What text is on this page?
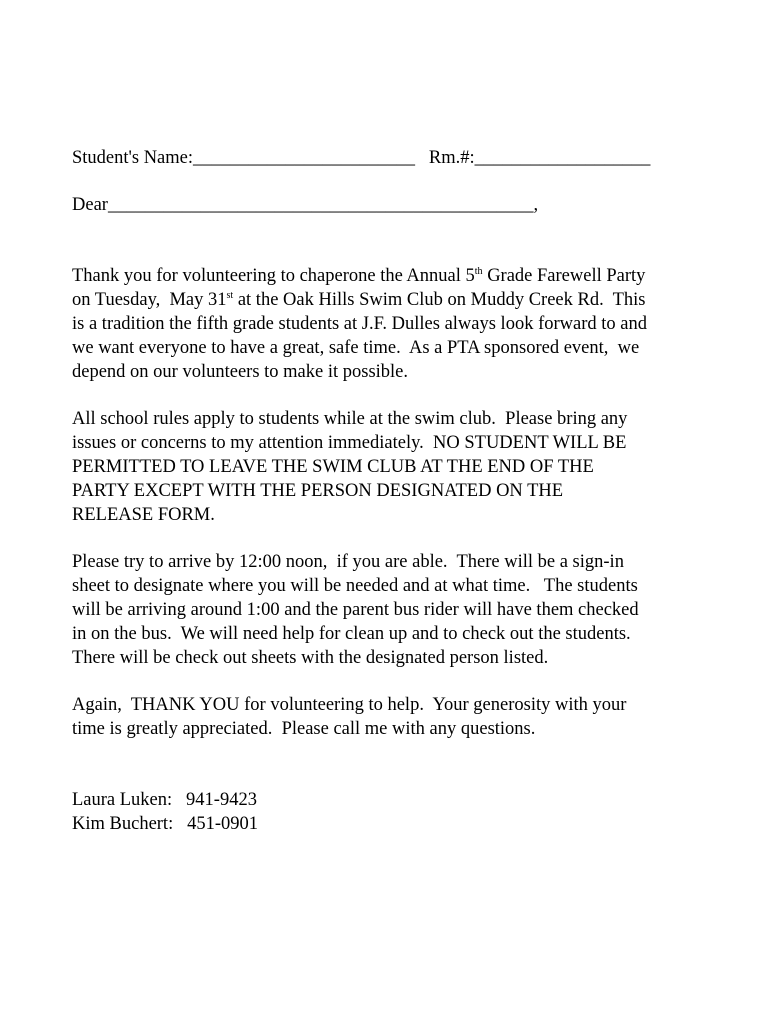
Student's Name:________________________ Rm.#:___________________
Dear______________________________________________,
Thank you for volunteering to chaperone the Annual 5th Grade Farewell Party
on Tuesday,  May 31st at the Oak Hills Swim Club on Muddy Creek Rd.  This
is a tradition the fifth grade students at J.F. Dulles always look forward to and
we want everyone to have a great, safe time.  As a PTA sponsored event,  we
depend on our volunteers to make it possible.
All school rules apply to students while at the swim club.  Please bring any
issues or concerns to my attention immediately.  NO STUDENT WILL BE
PERMITTED TO LEAVE THE SWIM CLUB AT THE END OF THE
PARTY EXCEPT WITH THE PERSON DESIGNATED ON THE
RELEASE FORM.
Please try to arrive by 12:00 noon,  if you are able.  There will be a sign-in
sheet to designate where you will be needed and at what time.   The students
will be arriving around 1:00 and the parent bus rider will have them checked
in on the bus.  We will need help for clean up and to check out the students.
There will be check out sheets with the designated person listed.
Again,  THANK YOU for volunteering to help.  Your generosity with your
time is greatly appreciated.  Please call me with any questions.
Laura Luken: 941-9423
Kim Buchert: 451-0901
